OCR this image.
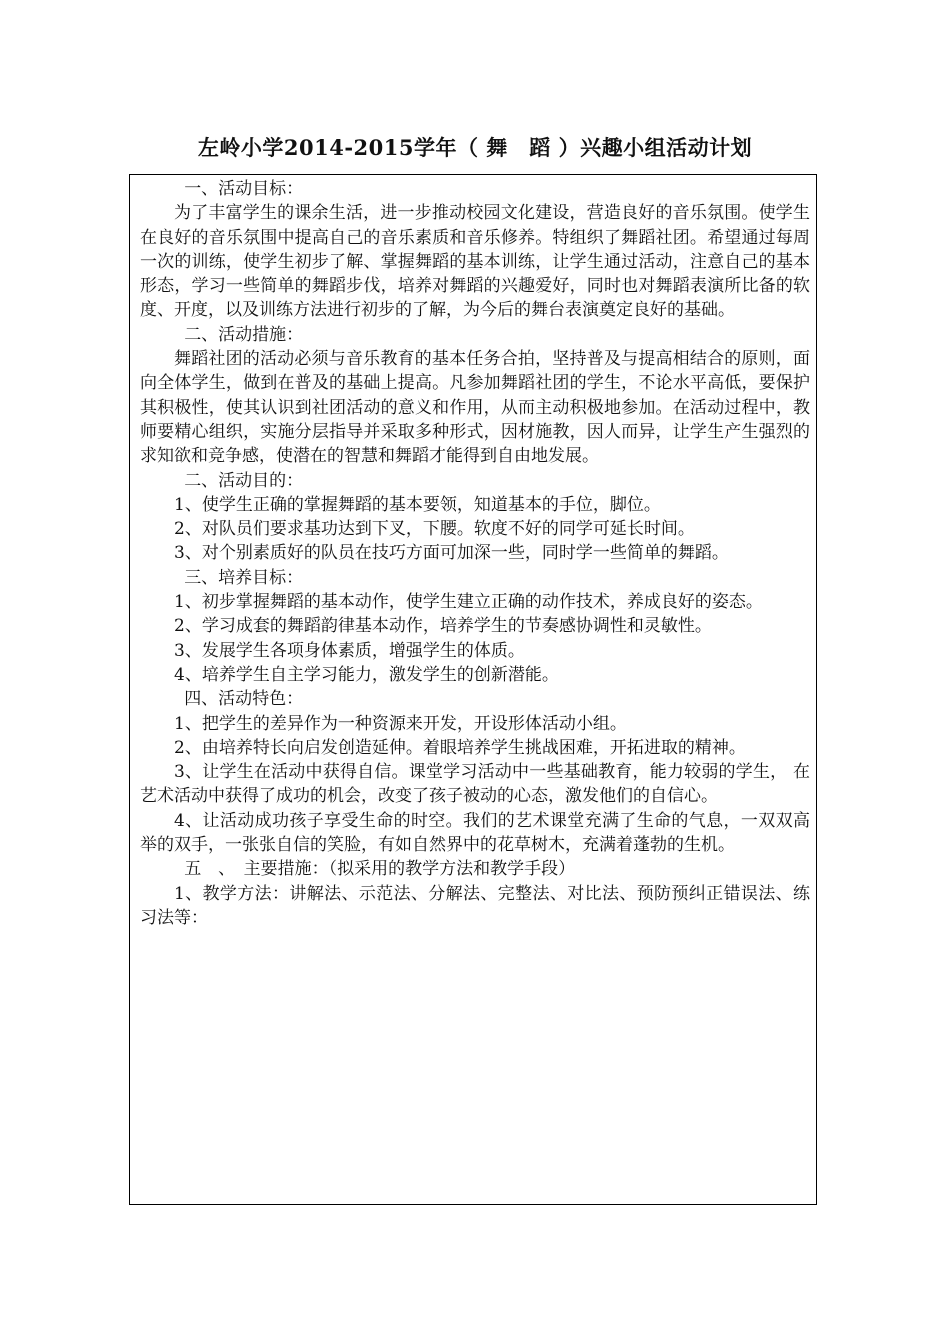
左岭小学2014-2015学年（ 舞　蹈 ）兴趣小组活动计划

一、活动目标：

为了丰富学生的课余生活，进一步推动校园文化建设，营造良好的音乐氛围。使学生在良好的音乐氛围中提高自己的音乐素质和音乐修养。特组织了舞蹈社团。希望通过每周一次的训练，使学生初步了解、掌握舞蹈的基本训练，让学生通过活动，注意自己的基本形态，学习一些简单的舞蹈步伐，培养对舞蹈的兴趣爱好，同时也对舞蹈表演所比备的软度、开度，以及训练方法进行初步的了解，为今后的舞台表演奠定良好的基础。

二、活动措施：

舞蹈社团的活动必须与音乐教育的基本任务合拍，坚持普及与提高相结合的原则，面向全体学生，做到在普及的基础上提高。凡参加舞蹈社团的学生，不论水平高低，要保护其积极性，使其认识到社团活动的意义和作用，从而主动积极地参加。在活动过程中，教师要精心组织，实施分层指导并采取多种形式，因材施教，因人而异，让学生产生强烈的求知欲和竞争感，使潜在的智慧和舞蹈才能得到自由地发展。

二、活动目的：

1、使学生正确的掌握舞蹈的基本要领，知道基本的手位，脚位。

2、对队员们要求基功达到下叉，下腰。软度不好的同学可延长时间。

3、对个别素质好的队员在技巧方面可加深一些，同时学一些简单的舞蹈。

三、培养目标：

1、初步掌握舞蹈的基本动作，使学生建立正确的动作技术，养成良好的姿态。

2、学习成套的舞蹈韵律基本动作，培养学生的节奏感协调性和灵敏性。

3、发展学生各项身体素质，增强学生的体质。

4、培养学生自主学习能力，激发学生的创新潜能。

四、活动特色：

1、把学生的差异作为一种资源来开发，开设形体活动小组。

2、由培养特长向启发创造延伸。着眼培养学生挑战困难，开拓进取的精神。

3、让学生在活动中获得自信。课堂学习活动中一些基础教育，能力较弱的学生， 在艺术活动中获得了成功的机会，改变了孩子被动的心态，激发他们的自信心。

4、让活动成功孩子享受生命的时空。我们的艺术课堂充满了生命的气息，一双双高举的双手，一张张自信的笑脸，有如自然界中的花草树木，充满着蓬勃的生机。

五　、　主要措施：（拟采用的教学方法和教学手段）

1、教学方法：讲解法、示范法、分解法、完整法、对比法、预防预纠正错误法、练习法等：
